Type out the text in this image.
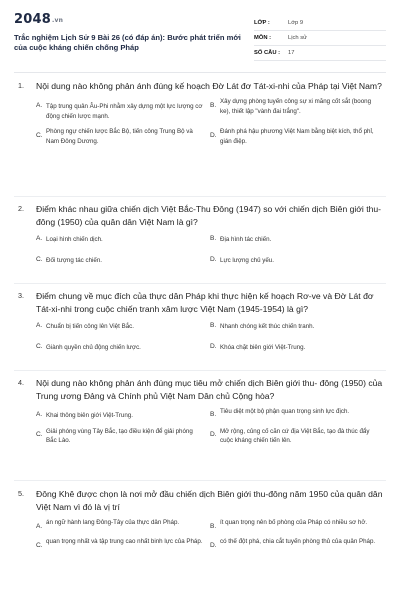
2048.vn
Trắc nghiệm Lịch Sử 9 Bài 26 (có đáp án): Bước phát triển mới của cuộc kháng chiến chống Pháp
LỚP :	Lớp 9
MÔN :	Lịch sử
SỐ CÂU :	17
1.	Nội dung nào không phản ánh đúng kế hoạch Đờ Lát đơ Tát-xi-nhi của Pháp tại Việt Nam?
A. Tập trung quân Âu-Phi nhằm xây dựng một lực lượng cơ động chiến lược mạnh.
B.
Xây dựng phòng tuyến công sự xi măng cốt sắt (boong ke), thiết lập "vành đai trắng".
C.
Phòng ngự chiến lược Bắc Bộ, tiến công Trung Bộ và Nam Đông Dương.
D.
Đánh phá hậu phương Việt Nam bằng biệt kích, thổ phỉ, gián điệp.
2.	Điểm khác nhau giữa chiến dịch Việt Bắc-Thu Đông (1947) so với chiến dịch Biên giới thu-đông (1950) của quân dân Việt Nam là gì?
A. Loại hình chiến dịch.	B. Địa hình tác chiến.
C. Đối tượng tác chiến.	D. Lực lượng chủ yếu.
3.	Điểm chung về mục đích của thực dân Pháp khi thực hiện kế hoạch Rơ-ve và Đờ Lát đơ Tát-xi-nhi trong cuộc chiến tranh xâm lược Việt Nam (1945-1954) là gì?
A. Chuẩn bị tiến công lên Việt Bắc.	B. Nhanh chóng kết thúc chiến tranh.
C. Giành quyền chủ động chiến lược.	D. Khóa chặt biên giới Việt-Trung.
4.	Nội dung nào không phản ánh đúng mục tiêu mở chiến dịch Biên giới thu- đông (1950) của Trung ương Đảng và Chính phủ Việt Nam Dân chủ Cộng hòa?
A. Khai thông biên giới Việt-Trung.	B. Tiêu diệt một bộ phận quan trọng sinh lực địch.
C. Giải phóng vùng Tây Bắc, tạo điều kiện để giải phóng Bắc Lào.
D. Mở rộng, củng cố căn cứ địa Việt Bắc, tạo đà thúc đẩy cuộc kháng chiến tiến lên.
5.	Đông Khê được chọn là nơi mở đầu chiến dịch Biên giới thu-đông năm 1950 của quân dân Việt Nam vì đó là vị trí
A.
án ngữ hành lang Đông-Tây của thực dân Pháp.
B.
ít quan trọng nên bố phòng của Pháp có nhiều sơ hở.
C.
quan trọng nhất và tập trung cao nhất binh lực của Pháp.
D.
có thế đột phá, chia cắt tuyến phòng thủ của quân Pháp.
